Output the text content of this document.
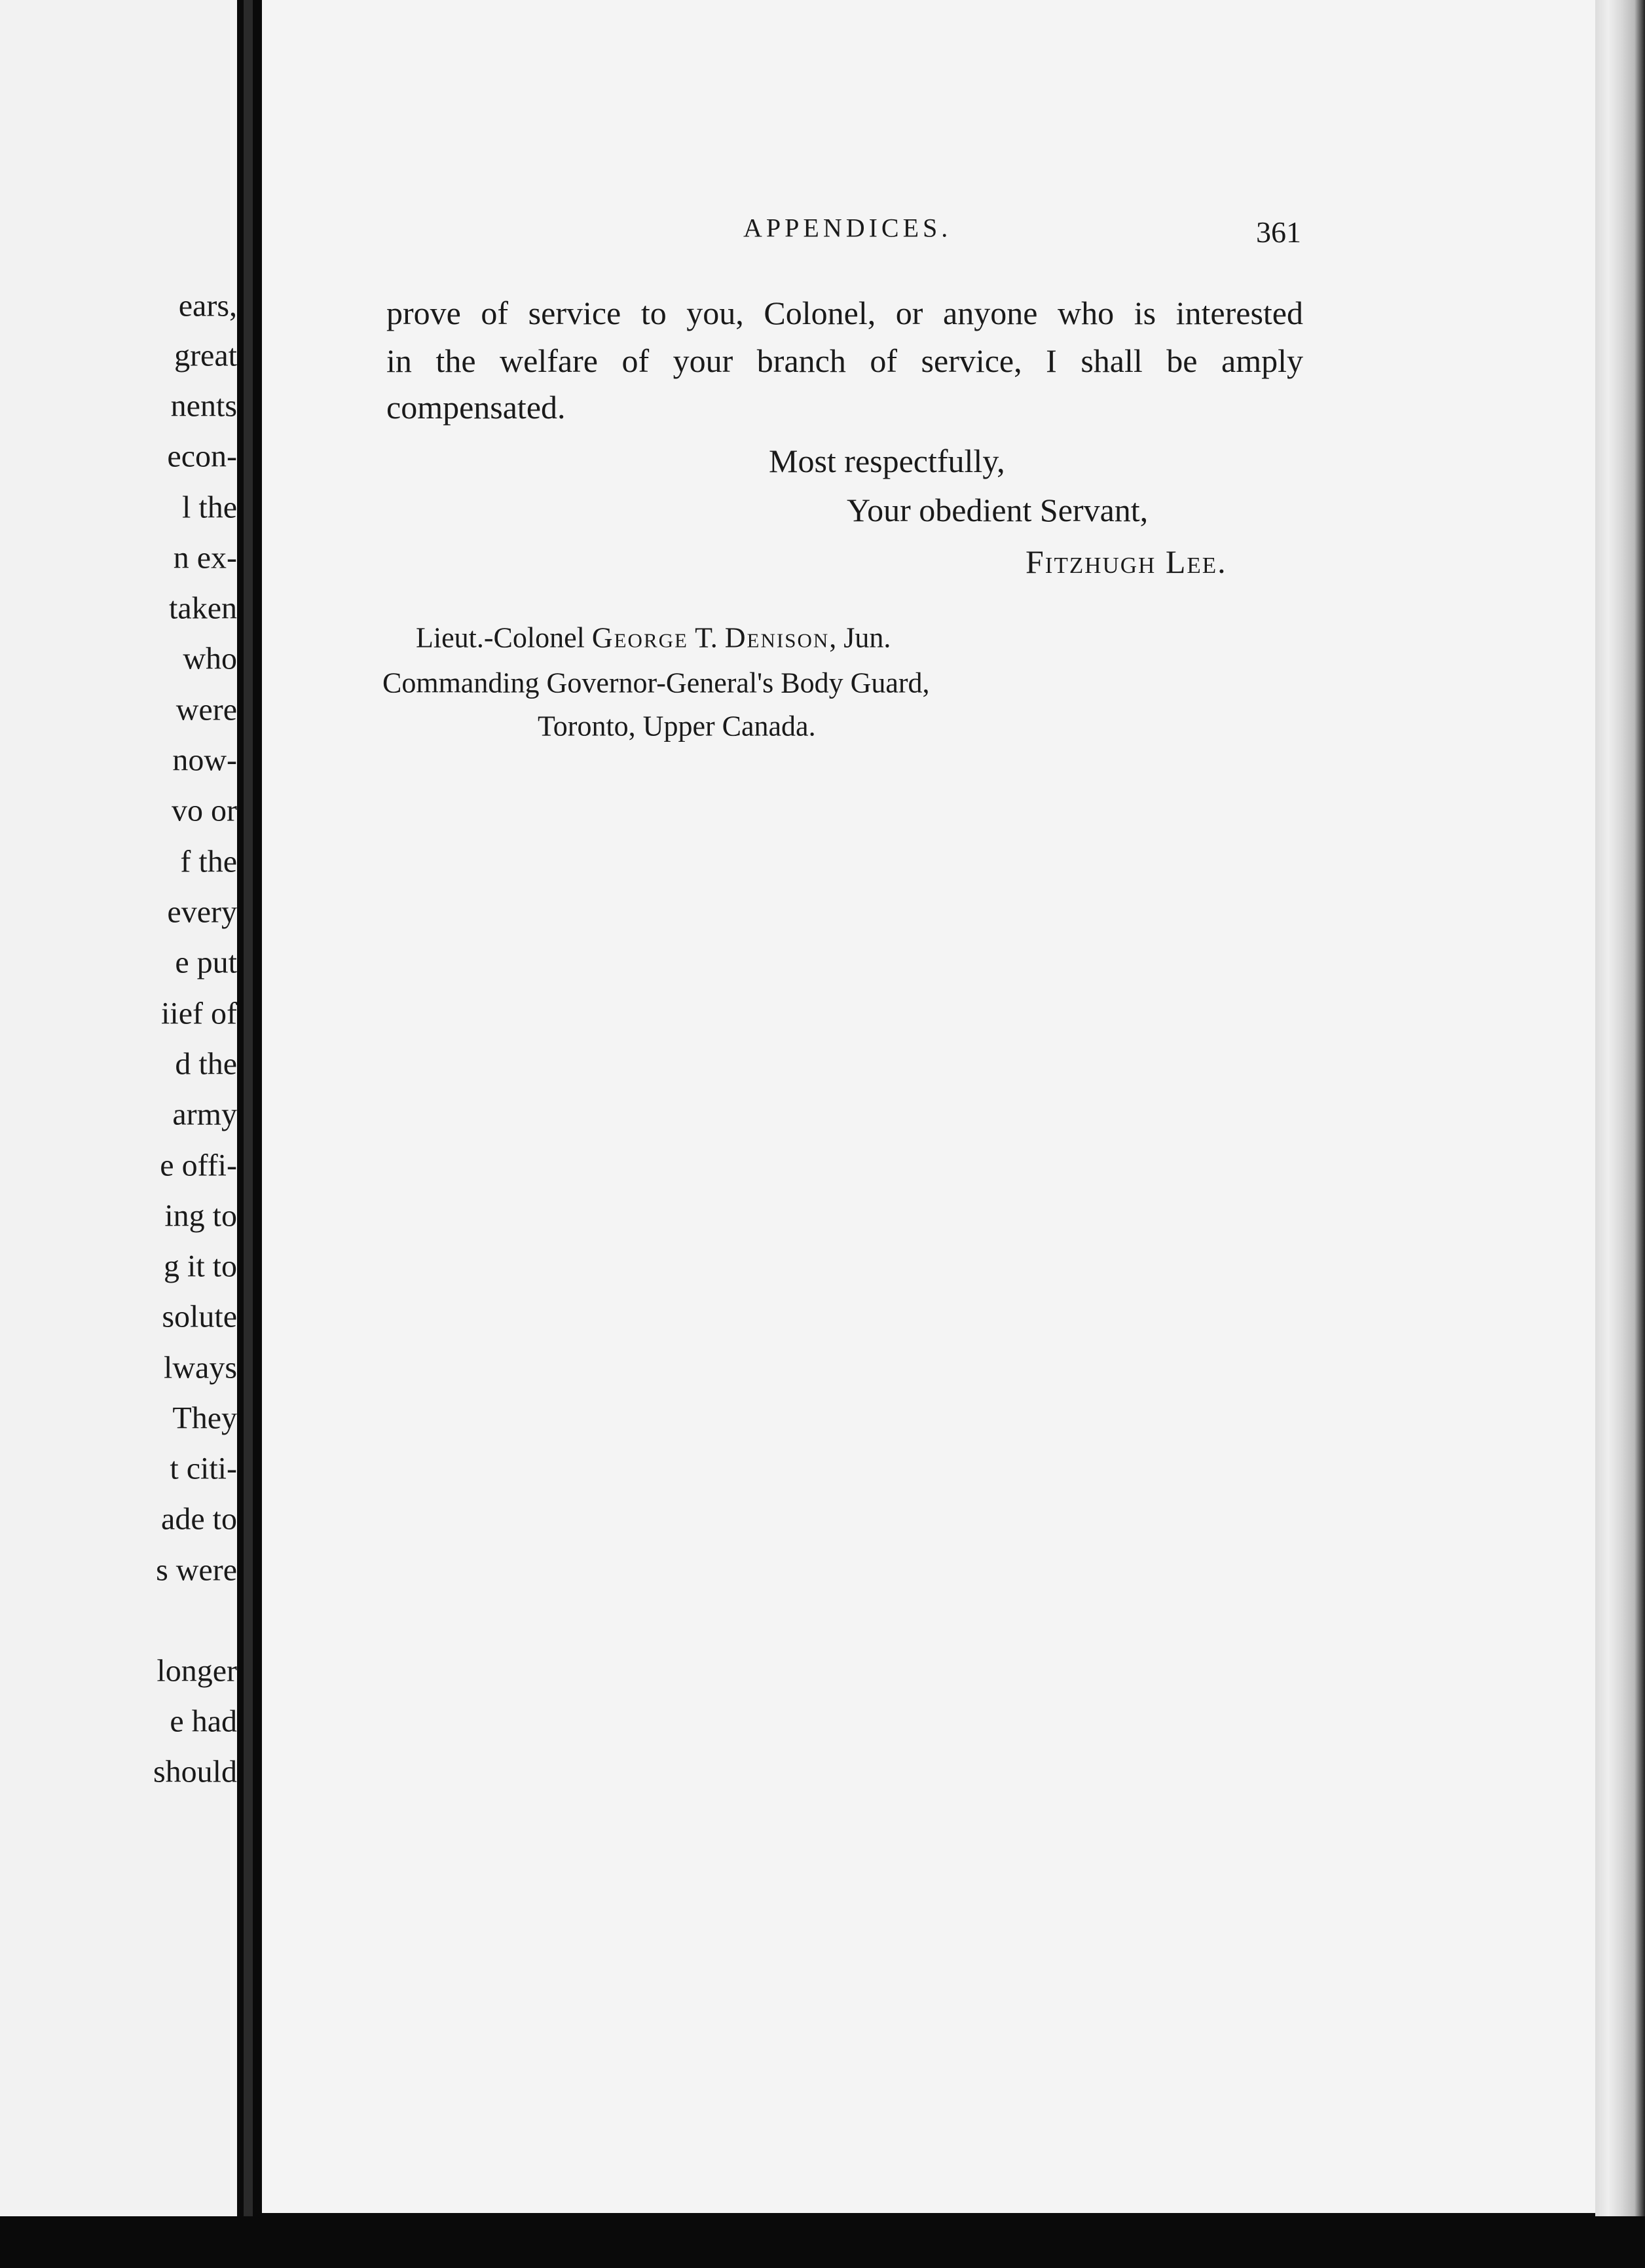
ears,
great
nents
econ-
l the
n ex-
taken
who
were
now-
vo or
f the
every
e put
iief of
d the
army
e offi-
ing to
g it to
solute
lways
They
t citi-
ade to
s were
longer
e had
should
APPENDICES.	361
prove of service to you, Colonel, or anyone who is interested
in the welfare of your branch of service, I shall be amply
compensated.
Most respectfully,
Your obedient Servant,
Fitzhugh Lee.
Lieut.-Colonel George T. Denison, Jun.
Commanding Governor-General's Body Guard,
Toronto, Upper Canada.
